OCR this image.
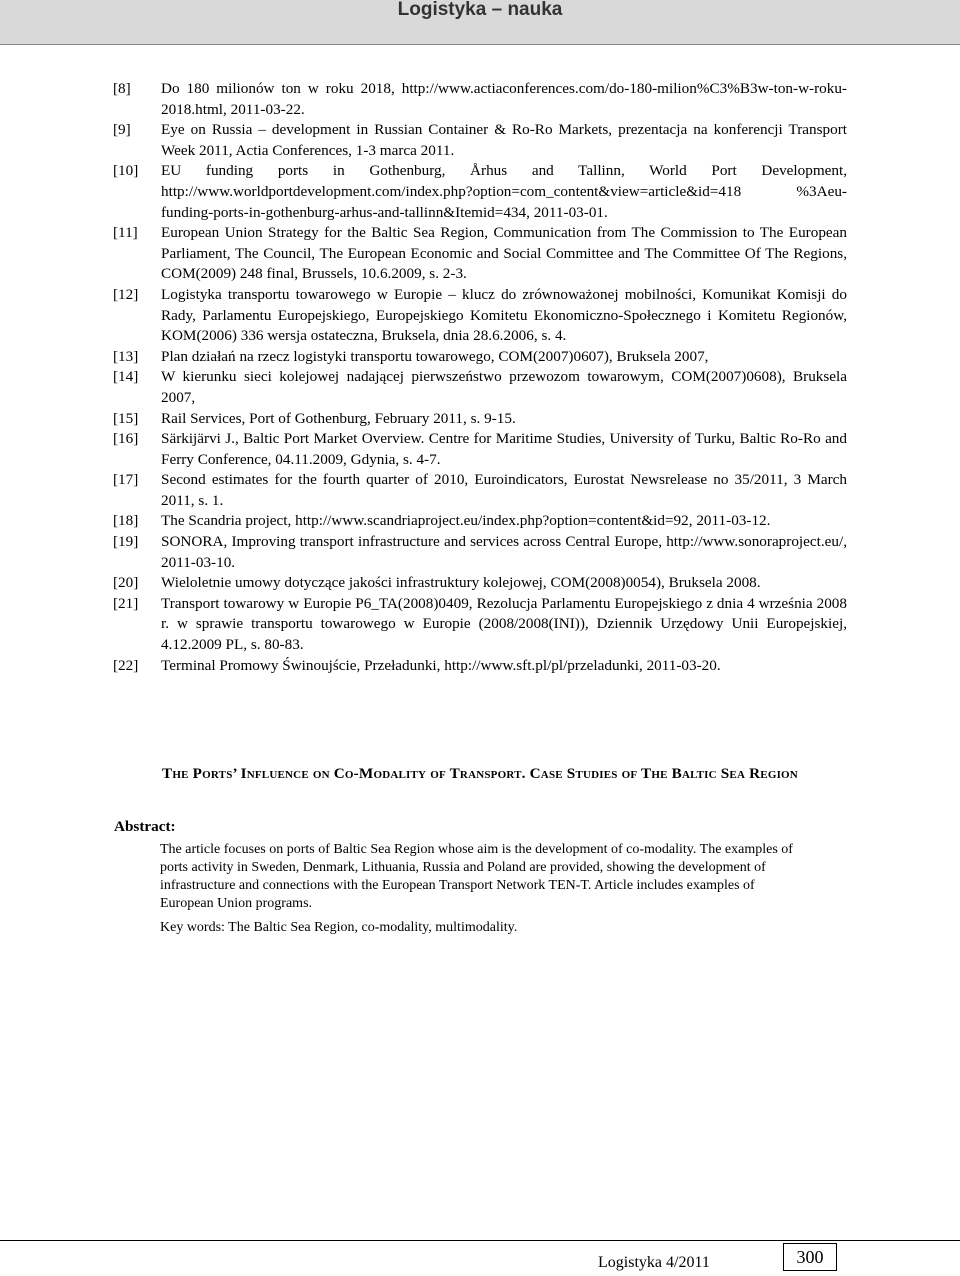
Logistyka – nauka
[8]	Do 180 milionów ton w roku 2018, http://www.actiaconferences.com/do-180-milion%C3%B3w-ton-w-roku-2018.html, 2011-03-22.
[9]	Eye on Russia – development in Russian Container & Ro-Ro Markets, prezentacja na konferencji Transport Week 2011, Actia Conferences, 1-3 marca 2011.
[10]	EU funding ports in Gothenburg, Århus and Tallinn, World Port Development, http://www.worldportdevelopment.com/index.php?option=com_content&view=article&id=418 %3Aeu-funding-ports-in-gothenburg-arhus-and-tallinn&Itemid=434, 2011-03-01.
[11]	European Union Strategy for the Baltic Sea Region, Communication from The Commission to The European Parliament, The Council, The European Economic and Social Committee and The Committee Of The Regions, COM(2009) 248 final, Brussels, 10.6.2009, s. 2-3.
[12]	Logistyka transportu towarowego w Europie – klucz do zrównoważonej mobilności, Komunikat Komisji do Rady, Parlamentu Europejskiego, Europejskiego Komitetu Ekonomiczno-Społecznego i Komitetu Regionów, KOM(2006) 336 wersja ostateczna, Bruksela, dnia 28.6.2006, s. 4.
[13]	Plan działań na rzecz logistyki transportu towarowego, COM(2007)0607), Bruksela 2007,
[14]	W kierunku sieci kolejowej nadającej pierwszeństwo przewozom towarowym, COM(2007)0608), Bruksela 2007,
[15]	Rail Services, Port of Gothenburg, February 2011, s. 9-15.
[16]	Särkijärvi J., Baltic Port Market Overview. Centre for Maritime Studies, University of Turku, Baltic Ro-Ro and Ferry Conference, 04.11.2009, Gdynia, s. 4-7.
[17]	Second estimates for the fourth quarter of 2010, Euroindicators, Eurostat Newsrelease no 35/2011, 3 March 2011, s. 1.
[18]	The Scandria project, http://www.scandriaproject.eu/index.php?option=content&id=92, 2011-03-12.
[19]	SONORA, Improving transport infrastructure and services across Central Europe, http://www.sonoraproject.eu/, 2011-03-10.
[20]	Wieloletnie umowy dotyczące jakości infrastruktury kolejowej, COM(2008)0054), Bruksela 2008.
[21]	Transport towarowy w Europie P6_TA(2008)0409, Rezolucja Parlamentu Europejskiego z dnia 4 września 2008 r. w sprawie transportu towarowego w Europie (2008/2008(INI)), Dziennik Urzędowy Unii Europejskiej, 4.12.2009 PL, s. 80-83.
[22]	Terminal Promowy Świnoujście, Przeładunki, http://www.sft.pl/pl/przeladunki, 2011-03-20.
The Ports’ Influence on Co-Modality of Transport. Case Studies of The Baltic Sea Region
Abstract:
The article focuses on ports of Baltic Sea Region whose aim is the development of co-modality. The examples of ports activity in Sweden, Denmark, Lithuania, Russia and Poland are provided, showing the development of infrastructure and connections with the European Transport Network TEN-T. Article includes examples of European Union programs.
Key words: The Baltic Sea Region, co-modality, multimodality.
Logistyka 4/2011	300
